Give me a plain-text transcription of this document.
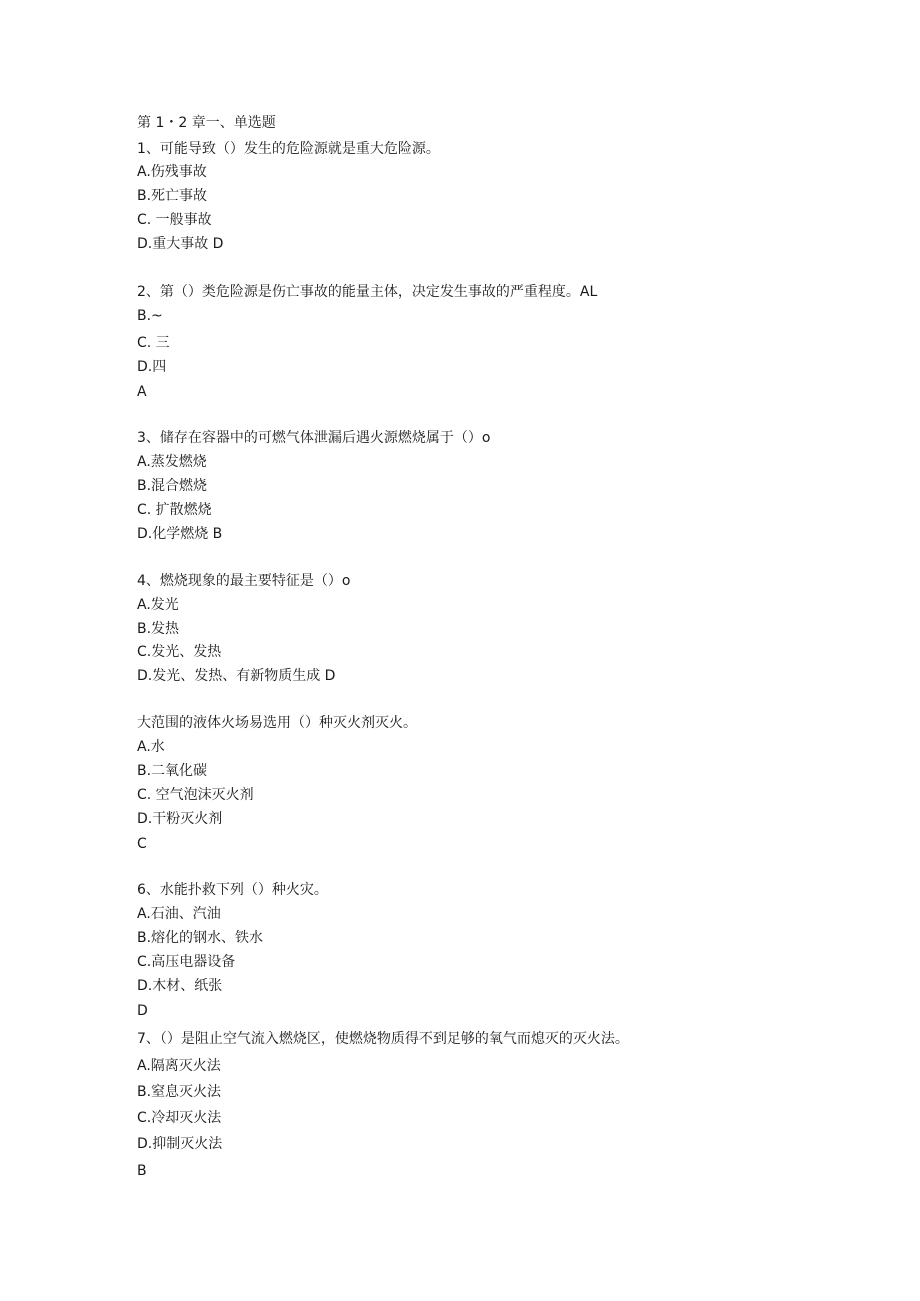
第 1・2 章一、单选题
1、可能导致（）发生的危险源就是重大危险源。
A.伤残事故
B.死亡事故
C. 一般事故
D.重大事故 D
2、第（）类危险源是伤亡事故的能量主体，决定发生事故的严重程度。AL
B.~
C. 三
D.四
A
3、储存在容器中的可燃气体泄漏后遇火源燃烧属于（）o
A.蒸发燃烧
B.混合燃烧
C. 扩散燃烧
D.化学燃烧 B
4、燃烧现象的最主要特征是（）o
A.发光
B.发热
C.发光、发热
D.发光、发热、有新物质生成 D
大范围的液体火场易选用（）种灭火剂灭火。
A.水
B.二氧化碳
C. 空气泡沫灭火剂
D.干粉灭火剂
C
6、水能扑救下列（）种火灾。
A.石油、汽油
B.熔化的钢水、铁水
C.高压电器设备
D.木材、纸张
D
7、（）是阻止空气流入燃烧区，使燃烧物质得不到足够的氧气而熄灭的灭火法。
A.隔离灭火法
B.窒息灭火法
C.冷却灭火法
D.抑制灭火法
B
